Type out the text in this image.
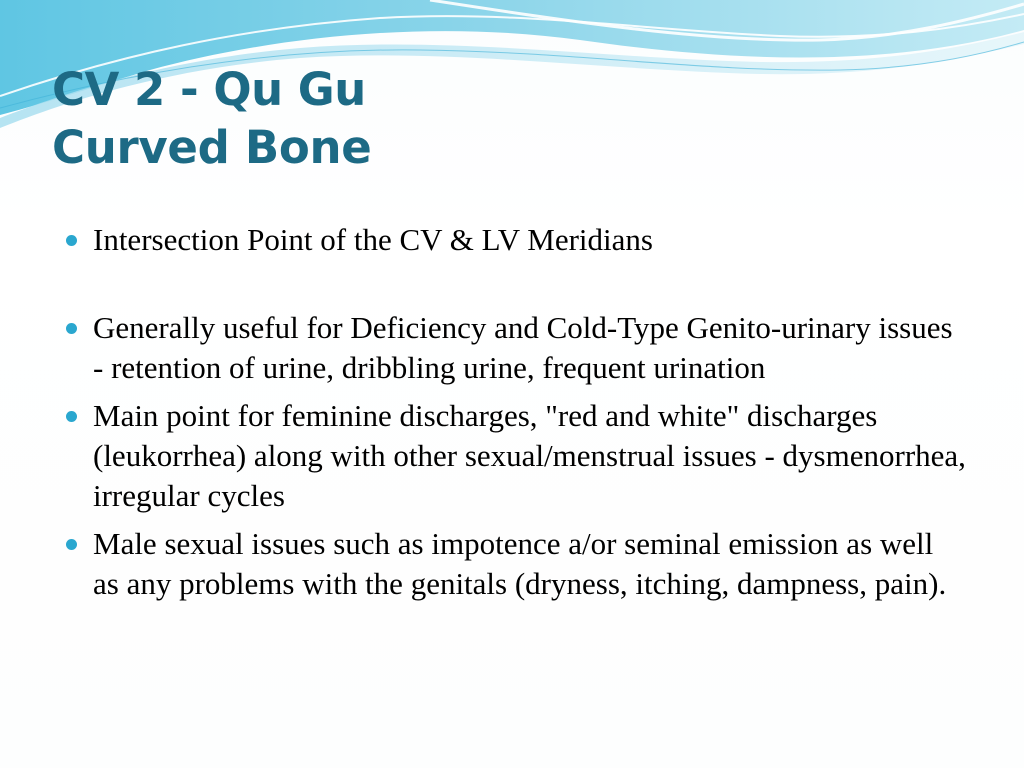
CV 2 - Qu Gu
Curved Bone
Intersection Point of the CV & LV Meridians
Generally useful for Deficiency and Cold-Type Genito-urinary issues - retention of urine, dribbling urine, frequent urination
Main point for feminine discharges, "red and white" discharges (leukorrhea) along with other sexual/menstrual issues - dysmenorrhea, irregular cycles
Male sexual issues such as impotence a/or seminal emission as well as any problems with the genitals (dryness, itching, dampness, pain).
